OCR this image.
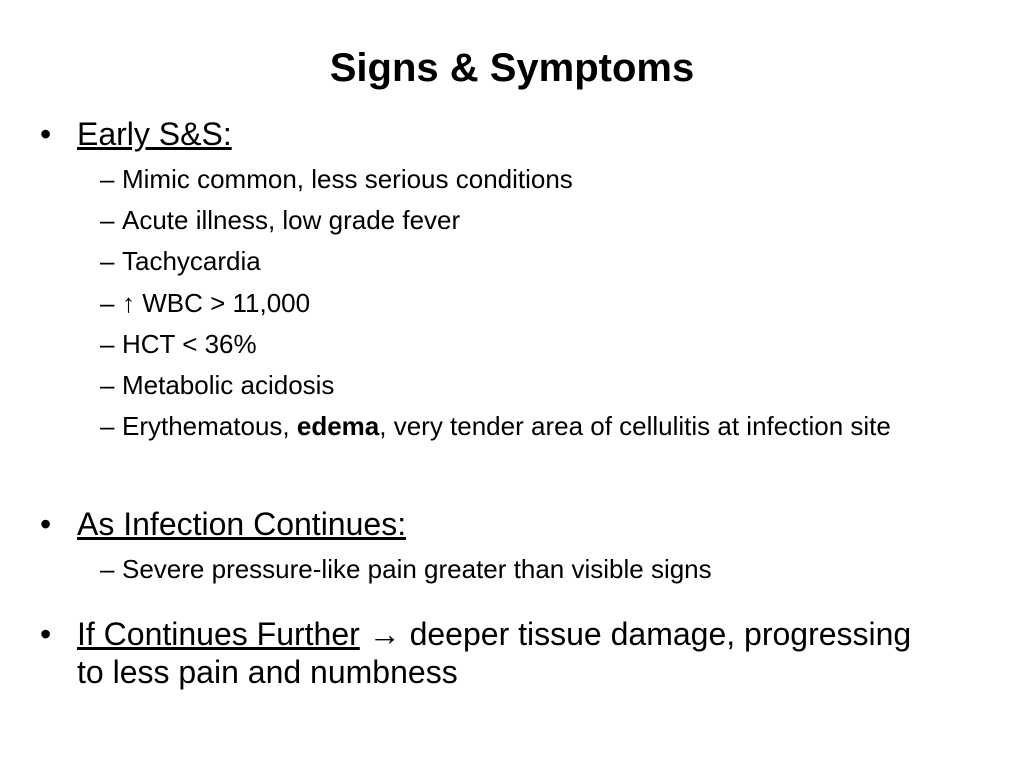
Signs & Symptoms
• Early S&S:
– Mimic common, less serious conditions
– Acute illness, low grade fever
– Tachycardia
– ↑ WBC > 11,000
– HCT < 36%
– Metabolic acidosis
– Erythematous, edema, very tender area of cellulitis at infection site
• As Infection Continues:
– Severe pressure-like pain greater than visible signs
• If Continues Further → deeper tissue damage, progressing to less pain and numbness
